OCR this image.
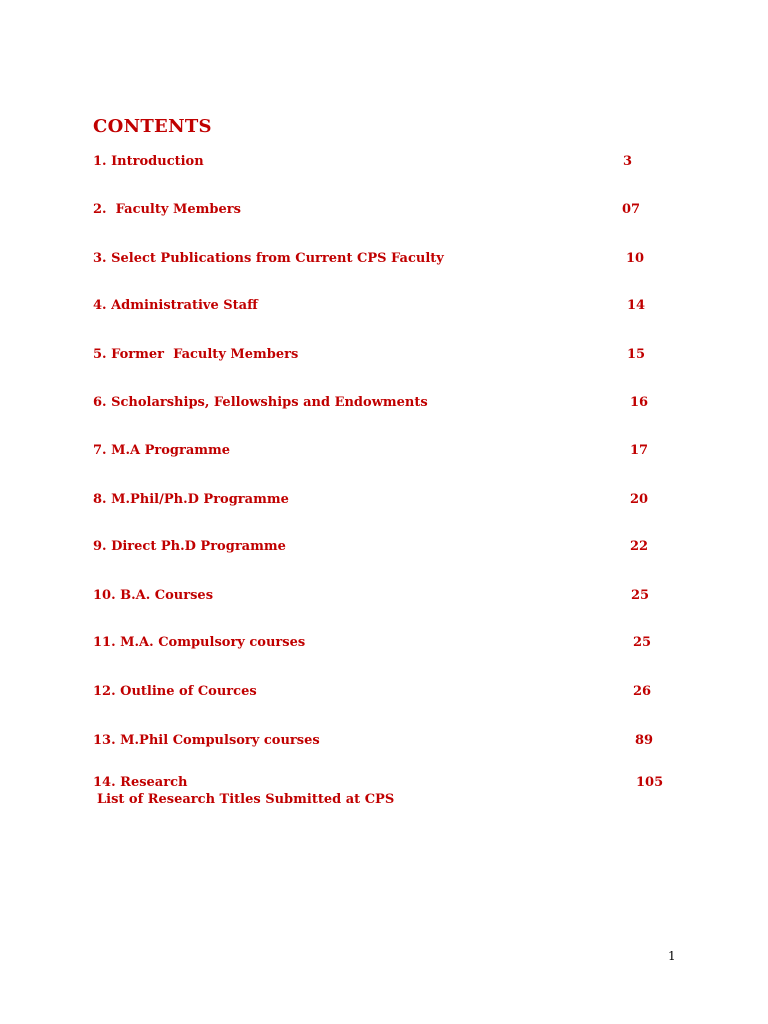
CONTENTS
1. Introduction	3
2.  Faculty Members	07
3. Select Publications from Current CPS Faculty	10
4. Administrative Staff	14
5. Former  Faculty Members	15
6. Scholarships, Fellowships and Endowments	16
7. M.A Programme	17
8. M.Phil/Ph.D Programme	20
9. Direct Ph.D Programme	22
10. B.A. Courses	25
11. M.A. Compulsory courses	25
12. Outline of Cources	26
13. M.Phil Compulsory courses	89
14. Research	105
List of Research Titles Submitted at CPS
1
